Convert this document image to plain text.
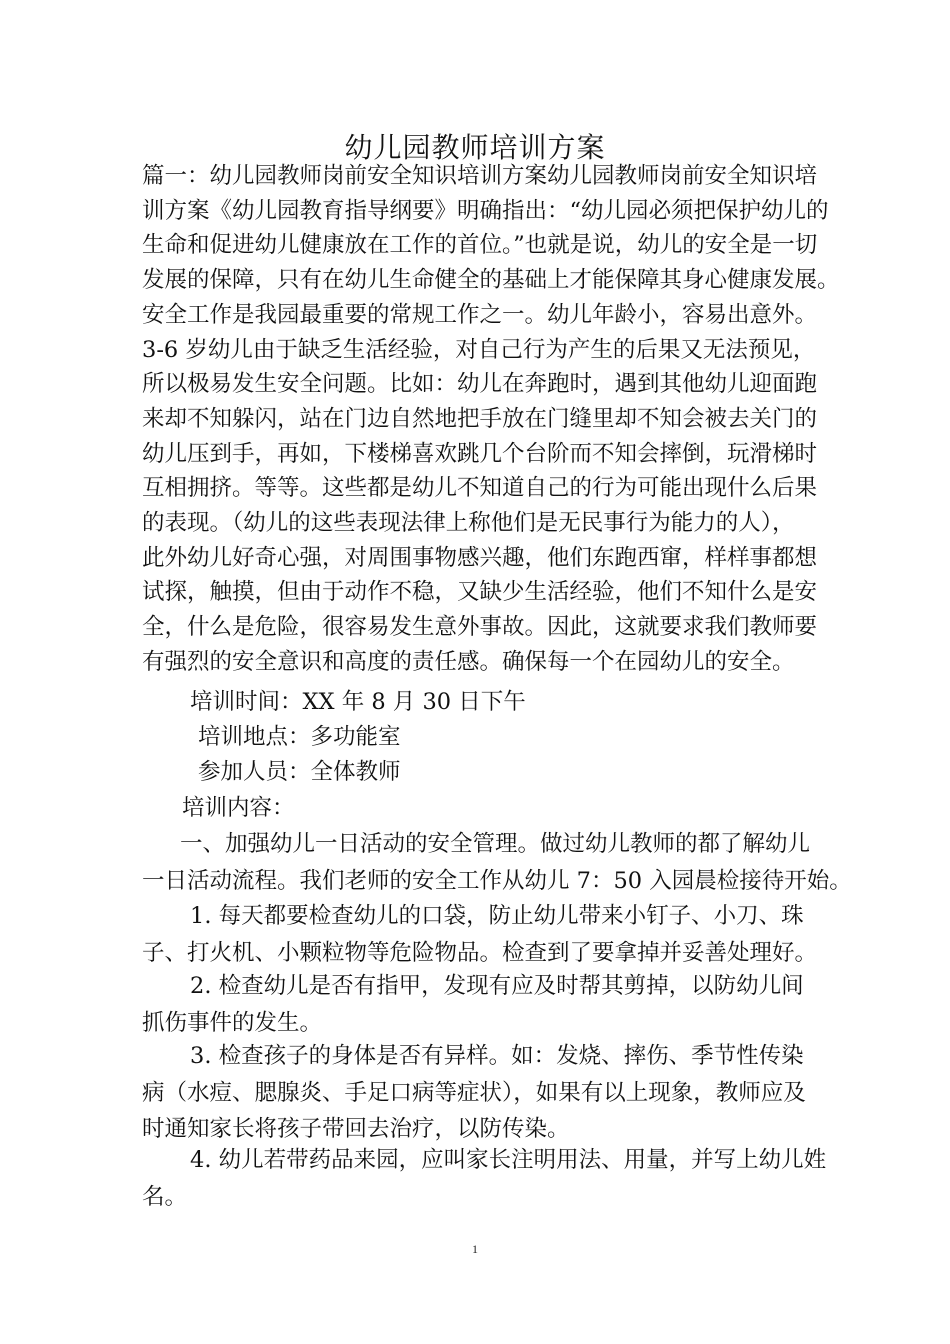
幼儿园教师培训方案

篇一：幼儿园教师岗前安全知识培训方案幼儿园教师岗前安全知识培
训方案《幼儿园教育指导纲要》明确指出：“幼儿园必须把保护幼儿的
生命和促进幼儿健康放在工作的首位。”也就是说，幼儿的安全是一切
发展的保障，只有在幼儿生命健全的基础上才能保障其身心健康发展。
安全工作是我园最重要的常规工作之一。幼儿年龄小，容易出意外。
3-6 岁幼儿由于缺乏生活经验，对自己行为产生的后果又无法预见，
所以极易发生安全问题。比如：幼儿在奔跑时，遇到其他幼儿迎面跑
来却不知躲闪，站在门边自然地把手放在门缝里却不知会被去关门的
幼儿压到手，再如，下楼梯喜欢跳几个台阶而不知会摔倒，玩滑梯时
互相拥挤。等等。这些都是幼儿不知道自己的行为可能出现什么后果
的表现。（幼儿的这些表现法律上称他们是无民事行为能力的人），
此外幼儿好奇心强，对周围事物感兴趣，他们东跑西窜，样样事都想
试探，触摸，但由于动作不稳，又缺少生活经验，他们不知什么是安
全，什么是危险，很容易发生意外事故。因此，这就要求我们教师要
有强烈的安全意识和高度的责任感。确保每一个在园幼儿的安全。

培训时间：XX 年 8 月 30 日下午

培训地点：多功能室

参加人员：全体教师

培训内容：

一、加强幼儿一日活动的安全管理。做过幼儿教师的都了解幼儿
一日活动流程。我们老师的安全工作从幼儿 7：50 入园晨检接待开始。

1. 每天都要检查幼儿的口袋，防止幼儿带来小钉子、小刀、珠
子、打火机、小颗粒物等危险物品。检查到了要拿掉并妥善处理好。

2. 检查幼儿是否有指甲，发现有应及时帮其剪掉，以防幼儿间
抓伤事件的发生。

3. 检查孩子的身体是否有异样。如：发烧、摔伤、季节性传染
病（水痘、腮腺炎、手足口病等症状），如果有以上现象，教师应及
时通知家长将孩子带回去治疗，以防传染。

4. 幼儿若带药品来园，应叫家长注明用法、用量，并写上幼儿姓
名。

1
